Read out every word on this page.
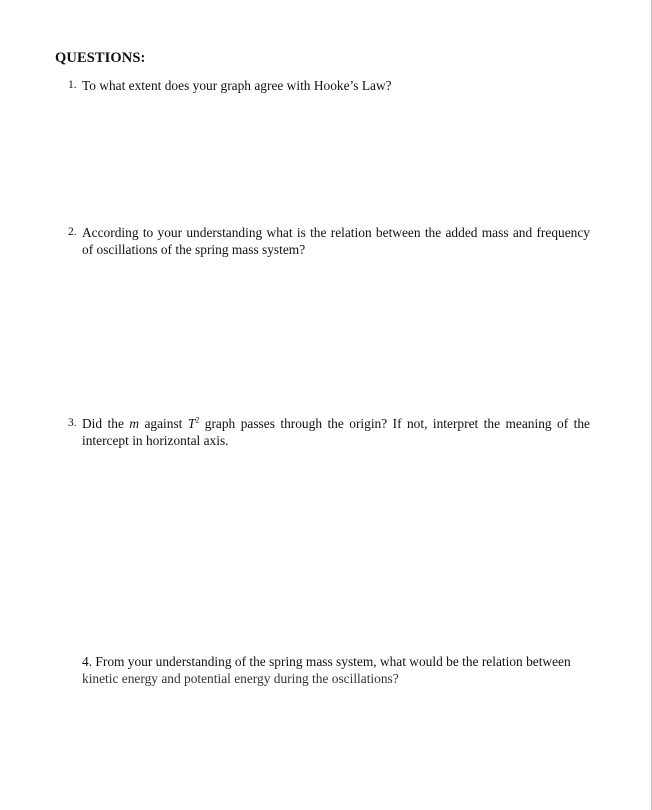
QUESTIONS:
1. To what extent does your graph agree with Hooke’s Law?
2. According to your understanding what is the relation between the added mass and frequency of oscillations of the spring mass system?
3. Did the m against $T^2$ graph passes through the origin? If not, interpret the meaning of the intercept in horizontal axis.
4. From your understanding of the spring mass system, what would be the relation between
kinetic energy and potential energy during the oscillations?
